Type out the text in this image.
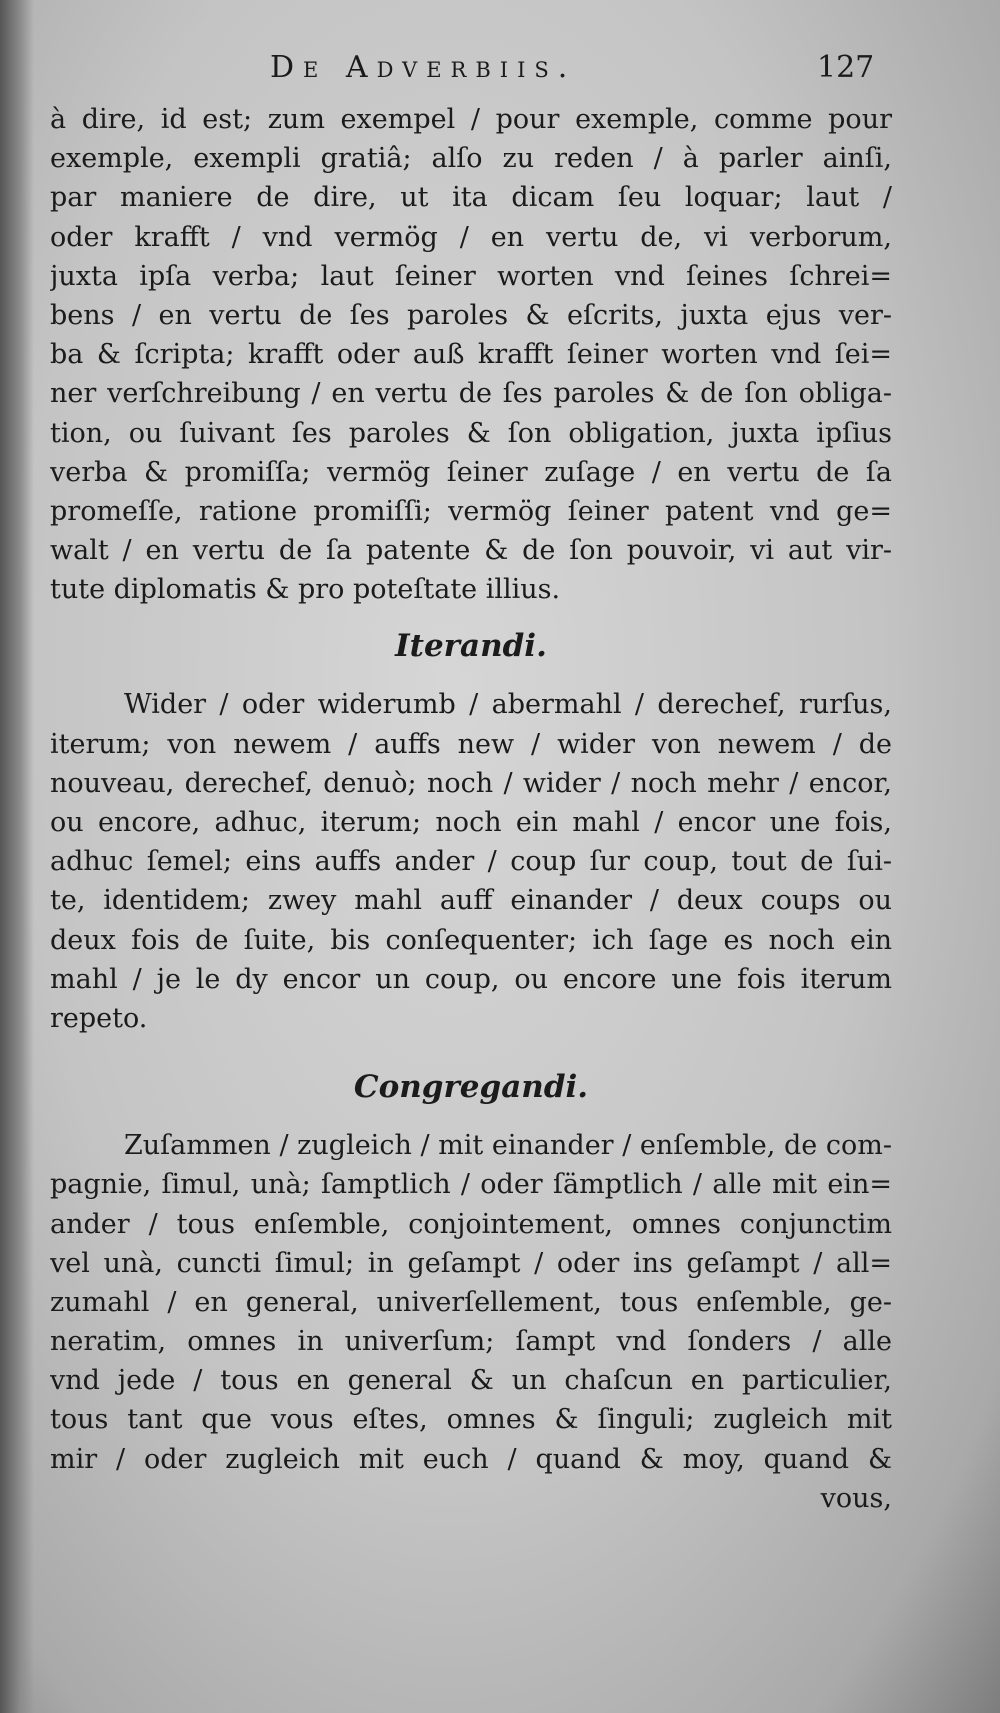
De Adverbiis.	127
à dire, id est; zum exempel / pour exemple, comme pour
exemple, exempli gratiâ; alſo zu reden / à parler ainſi,
par maniere de dire, ut ita dicam ſeu loquar; laut /
oder krafft / vnd vermög / en vertu de, vi verborum,
juxta ipſa verba; laut ſeiner worten vnd ſeines ſchrei=
bens / en vertu de ſes paroles & eſcrits, juxta ejus ver-
ba & ſcripta; krafft oder auß krafft ſeiner worten vnd ſei=
ner verſchreibung / en vertu de ſes paroles & de ſon obliga-
tion, ou ſuivant ſes paroles & ſon obligation, juxta ipſius
verba & promiſſa; vermög ſeiner zuſage / en vertu de ſa
promeſſe, ratione promiſſi; vermög ſeiner patent vnd ge=
walt / en vertu de ſa patente & de ſon pouvoir, vi aut vir-
tute diplomatis & pro poteſtate illius.
Iterandi.
Wider / oder widerumb / abermahl / derechef, rurſus,
iterum; von newem / auffs new / wider von newem / de
nouveau, derechef, denuò; noch / wider / noch mehr / encor,
ou encore, adhuc, iterum; noch ein mahl / encor une fois,
adhuc ſemel; eins auffs ander / coup ſur coup, tout de ſui-
te, identidem; zwey mahl auff einander / deux coups ou
deux fois de ſuite, bis conſequenter; ich ſage es noch ein
mahl / je le dy encor un coup, ou encore une fois iterum
repeto.
Congregandi.
Zuſammen / zugleich / mit einander / enſemble, de com-
pagnie, ſimul, unà; ſamptlich / oder ſämptlich / alle mit ein=
ander / tous enſemble, conjointement, omnes conjunctim
vel unà, cuncti ſimul; in geſampt / oder ins geſampt / all=
zumahl / en general, univerſellement, tous enſemble, ge-
neratim, omnes in univerſum; ſampt vnd ſonders / alle
vnd jede / tous en general & un chaſcun en particulier,
tous tant que vous eſtes, omnes & ſinguli; zugleich mit
mir / oder zugleich mit euch / quand & moy, quand &
vous,
